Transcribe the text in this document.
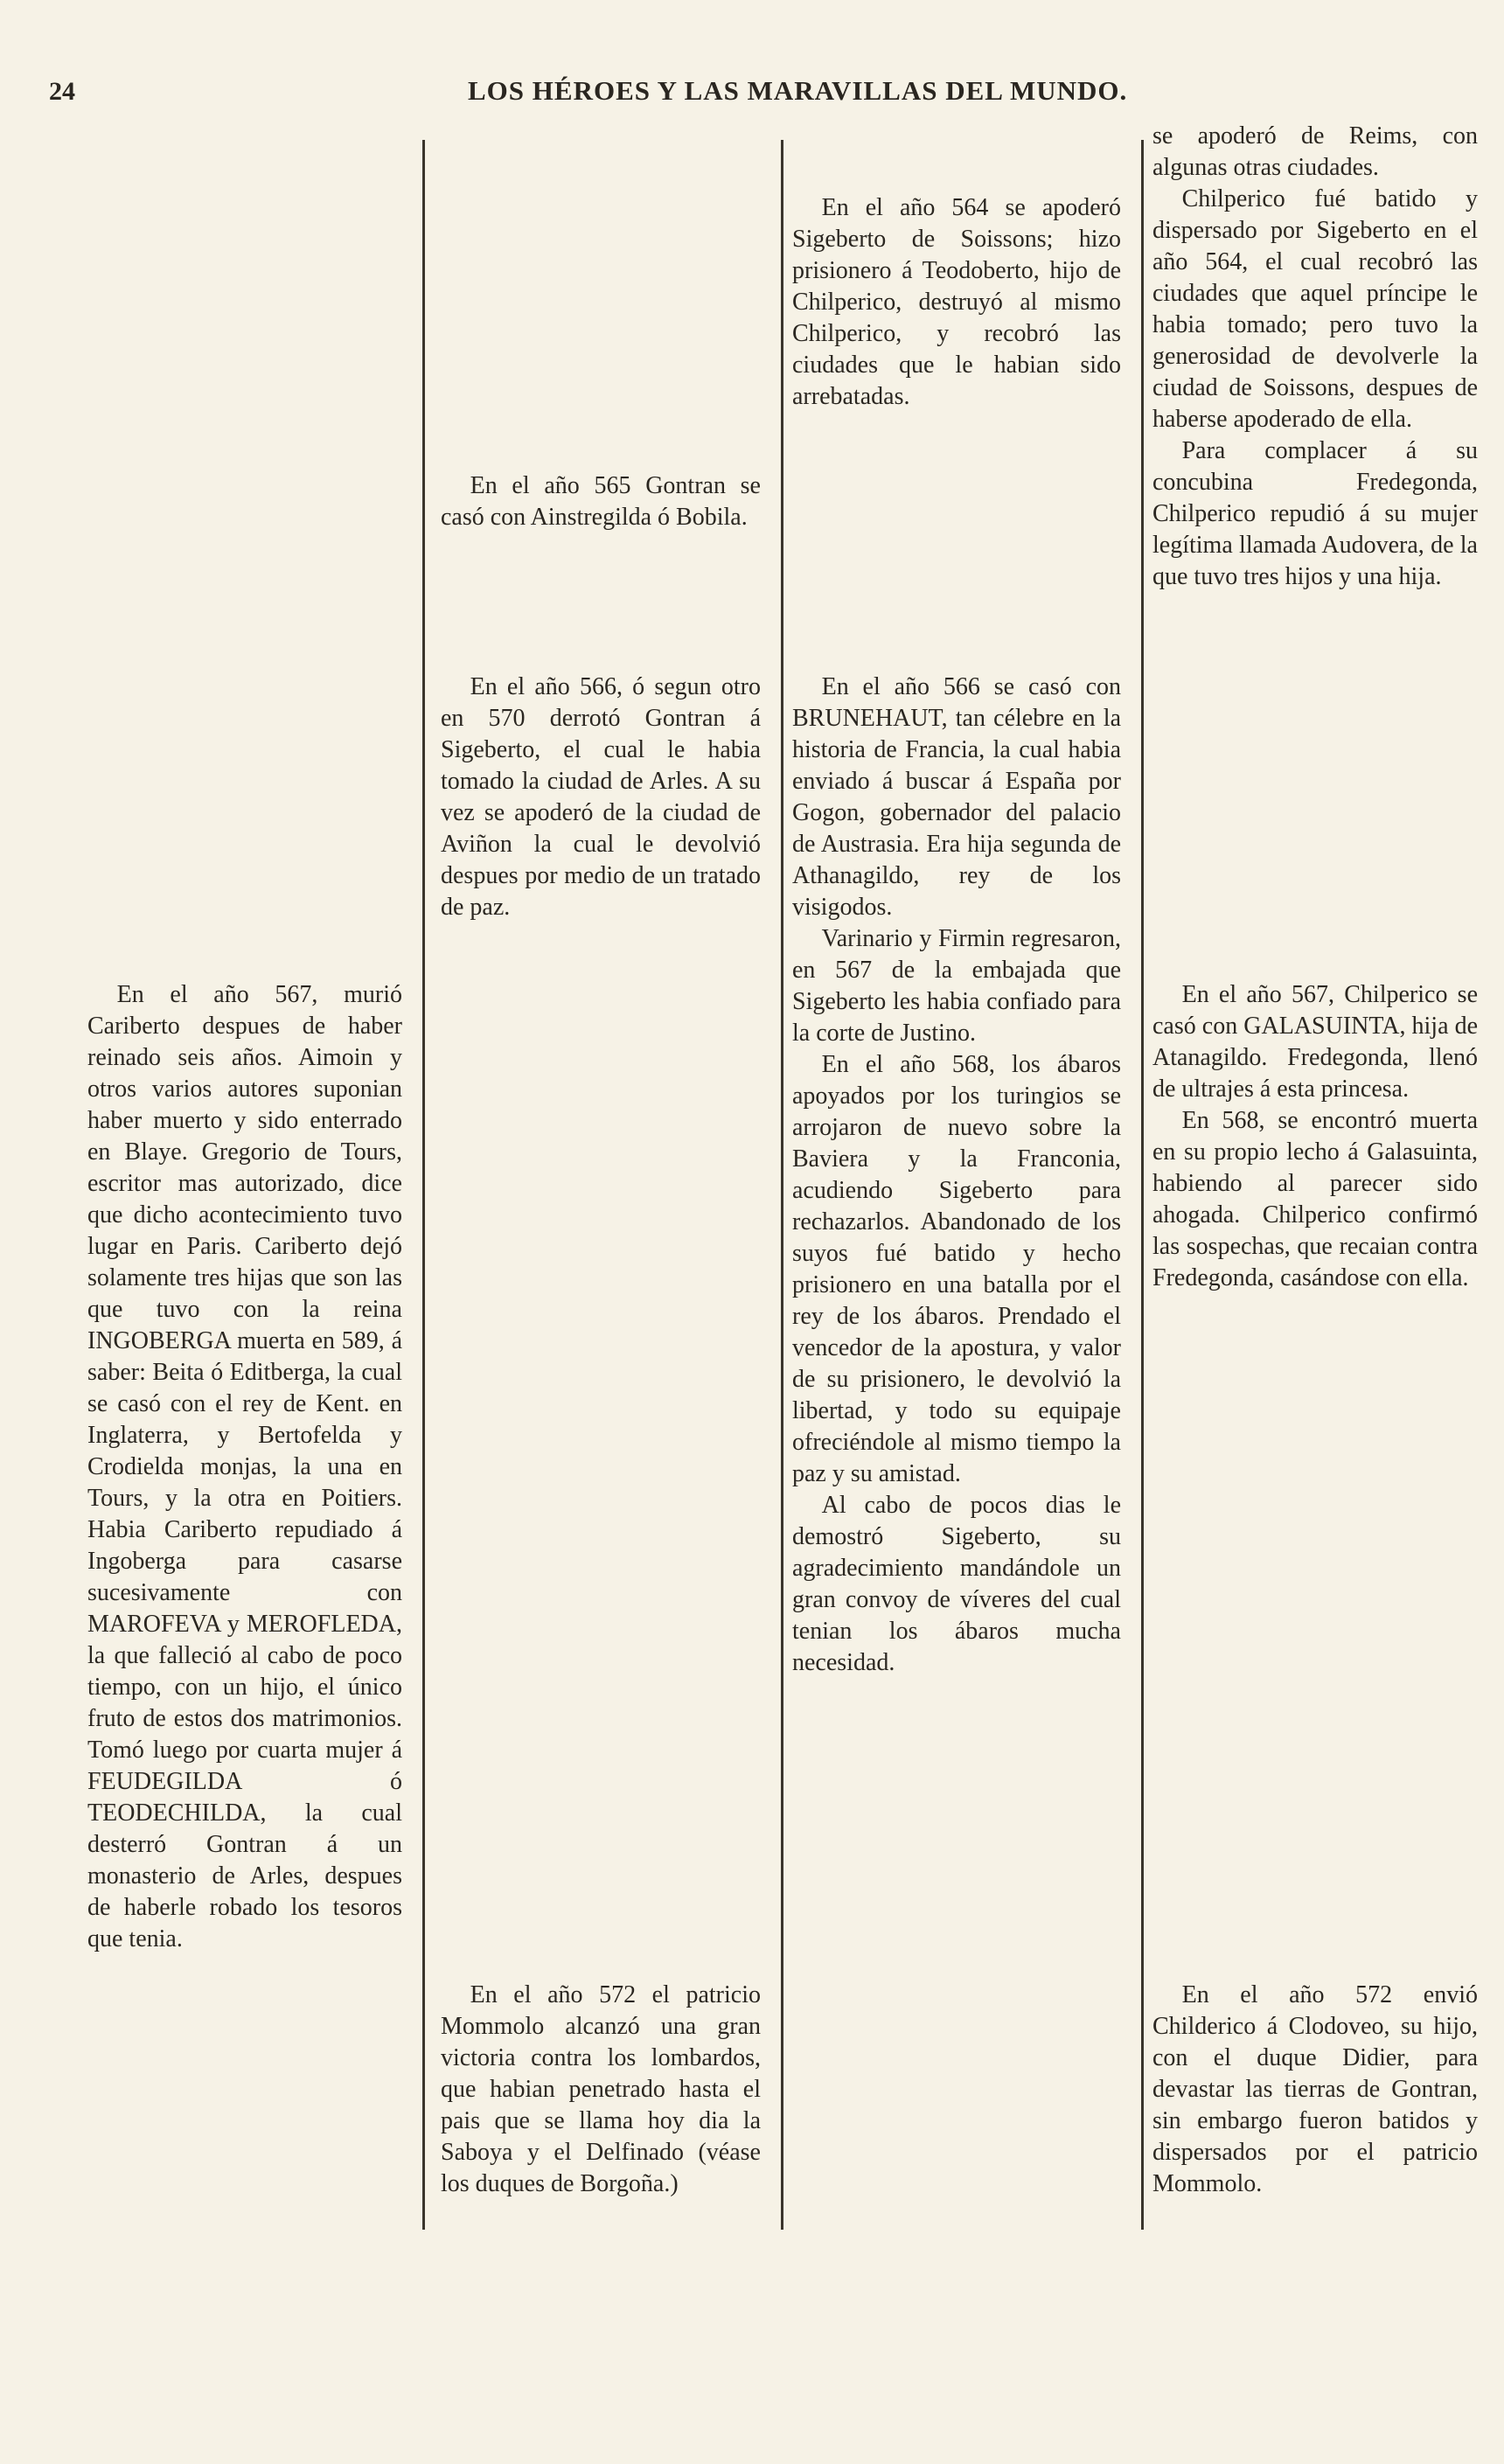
24	LOS HÉROES Y LAS MARAVILLAS DEL MUNDO.

En el año 567, murió Cariberto despues de haber reinado seis años. Aimoin y otros varios autores suponian haber muerto y sido enterrado en Blaye. Gregorio de Tours, escritor mas autorizado, dice que dicho acontecimiento tuvo lugar en Paris. Cariberto dejó solamente tres hijas que son las que tuvo con la reina INGOBERGA muerta en 589, á saber: Beita ó Editberga, la cual se casó con el rey de Kent. en Inglaterra, y Bertofelda y Crodielda monjas, la una en Tours, y la otra en Poitiers. Habia Cariberto repudiado á Ingoberga para casarse sucesivamente con MAROFEVA y MEROFLEDA, la que falleció al cabo de poco tiempo, con un hijo, el único fruto de estos dos matrimonios. Tomó luego por cuarta mujer á FEUDEGILDA ó TEODECHILDA, la cual desterró Gontran á un monasterio de Arles, despues de haberle robado los tesoros que tenia.

En el año 565 Gontran se casó con Ainstregilda ó Bobila.

En el año 566, ó segun otro en 570 derrotó Gontran á Sigeberto, el cual le habia tomado la ciudad de Arles. A su vez se apoderó de la ciudad de Aviñon la cual le devolvió despues por medio de un tratado de paz.

En el año 572 el patricio Mommolo alcanzó una gran victoria contra los lombardos, que habian penetrado hasta el pais que se llama hoy dia la Saboya y el Delfinado (véase los duques de Borgoña.)

En el año 564 se apoderó Sigeberto de Soissons; hizo prisionero á Teodoberto, hijo de Chilperico, destruyó al mismo Chilperico, y recobró las ciudades que le habian sido arrebatadas.

En el año 566 se casó con BRUNEHAUT, tan célebre en la historia de Francia, la cual habia enviado á buscar á España por Gogon, gobernador del palacio de Austrasia. Era hija segunda de Athanagildo, rey de los visigodos.

Varinario y Firmin regresaron, en 567 de la embajada que Sigeberto les habia confiado para la corte de Justino.

En el año 568, los ábaros apoyados por los turingios se arrojaron de nuevo sobre la Baviera y la Franconia, acudiendo Sigeberto para rechazarlos. Abandonado de los suyos fué batido y hecho prisionero en una batalla por el rey de los ábaros. Prendado el vencedor de la apostura, y valor de su prisionero, le devolvió la libertad, y todo su equipaje ofreciéndole al mismo tiempo la paz y su amistad.

Al cabo de pocos dias le demostró Sigeberto, su agradecimiento mandándole un gran convoy de víveres del cual tenian los ábaros mucha necesidad.

se apoderó de Reims, con algunas otras ciudades.

Chilperico fué batido y dispersado por Sigeberto en el año 564, el cual recobró las ciudades que aquel príncipe le habia tomado; pero tuvo la generosidad de devolverle la ciudad de Soissons, despues de haberse apoderado de ella.

Para complacer á su concubina Fredegonda, Chilperico repudió á su mujer legítima llamada Audovera, de la que tuvo tres hijos y una hija.

En el año 567, Chilperico se casó con GALASUINTA, hija de Atanagildo. Fredegonda, llenó de ultrajes á esta princesa.

En 568, se encontró muerta en su propio lecho á Galasuinta, habiendo al parecer sido ahogada. Chilperico confirmó las sospechas, que recaian contra Fredegonda, casándose con ella.

En el año 572 envió Childerico á Clodoveo, su hijo, con el duque Didier, para devastar las tierras de Gontran, sin embargo fueron batidos y dispersados por el patricio Mommolo.
